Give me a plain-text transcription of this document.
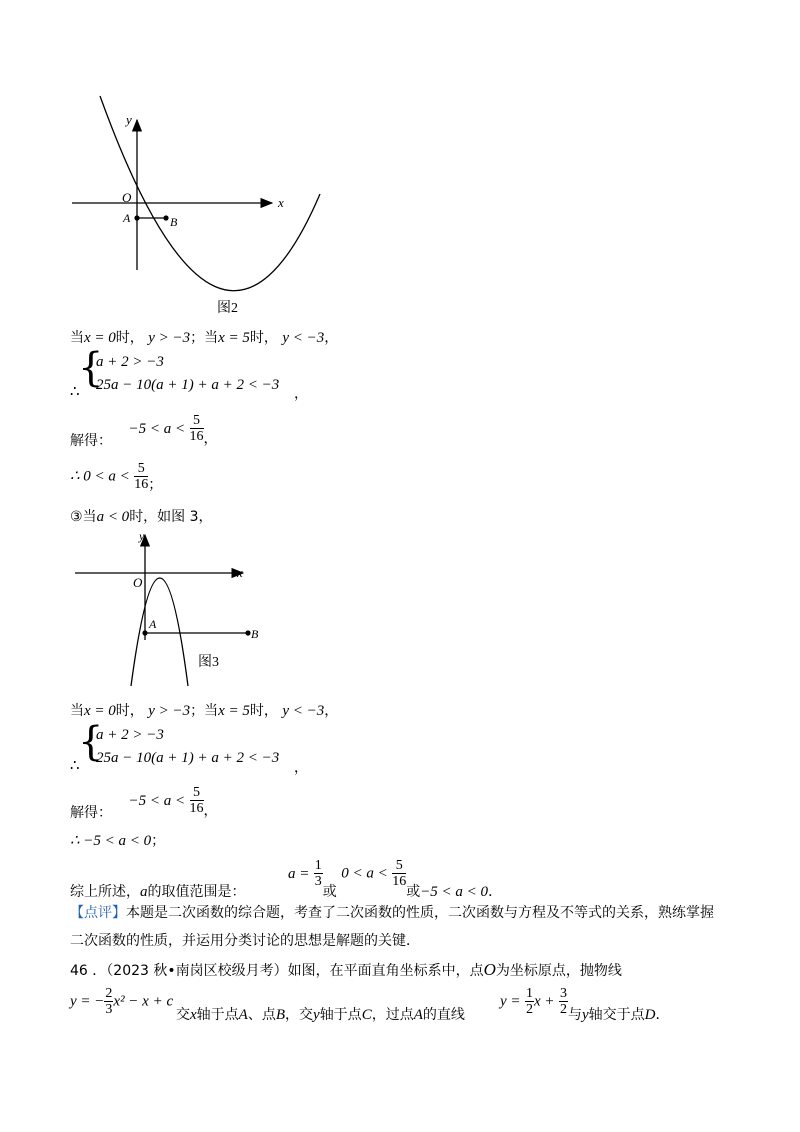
y
x
O
A	B
图2
当x = 0时， y > −3；当x = 5时， y < −3，
∴
{
a + 2 > −3
25a − 10(a + 1) + a + 2 < −3
，
解得： $-5 < a < \frac{5}{16}$ ，
∴ $0 < a < \frac{5}{16}$ ；
③当a < 0时，如图 3，
y
x
O
A
B
图3
当x = 0时， y > −3；当x = 5时， y < −3，
∴
{
a + 2 > −3
25a − 10(a + 1) + a + 2 < −3
，
解得： $-5 < a < \frac{5}{16}$ ，
∴ −5 < a < 0；
综上所述，a的取值范围是： $a = \frac{1}{3}$
或 $0 < a < \frac{5}{16}$
或−5 < a < 0．
【点评】本题是二次函数的综合题，考查了二次函数的性质，二次函数与方程及不等式的关系，熟练掌握
二次函数的性质，并运用分类讨论的思想是解题的关键．
46 ．（2023 秋•南岗区校级月考）如图，在平面直角坐标系中，点O为坐标原点，抛物线
y = − $\frac{2}{3} x^2 - x + c$
交x轴于点A、点B，交y轴于点C，过点A的直线
$y = \frac{1}{2}$ $x + \frac{3}{2}$ 与y轴交于点D．
